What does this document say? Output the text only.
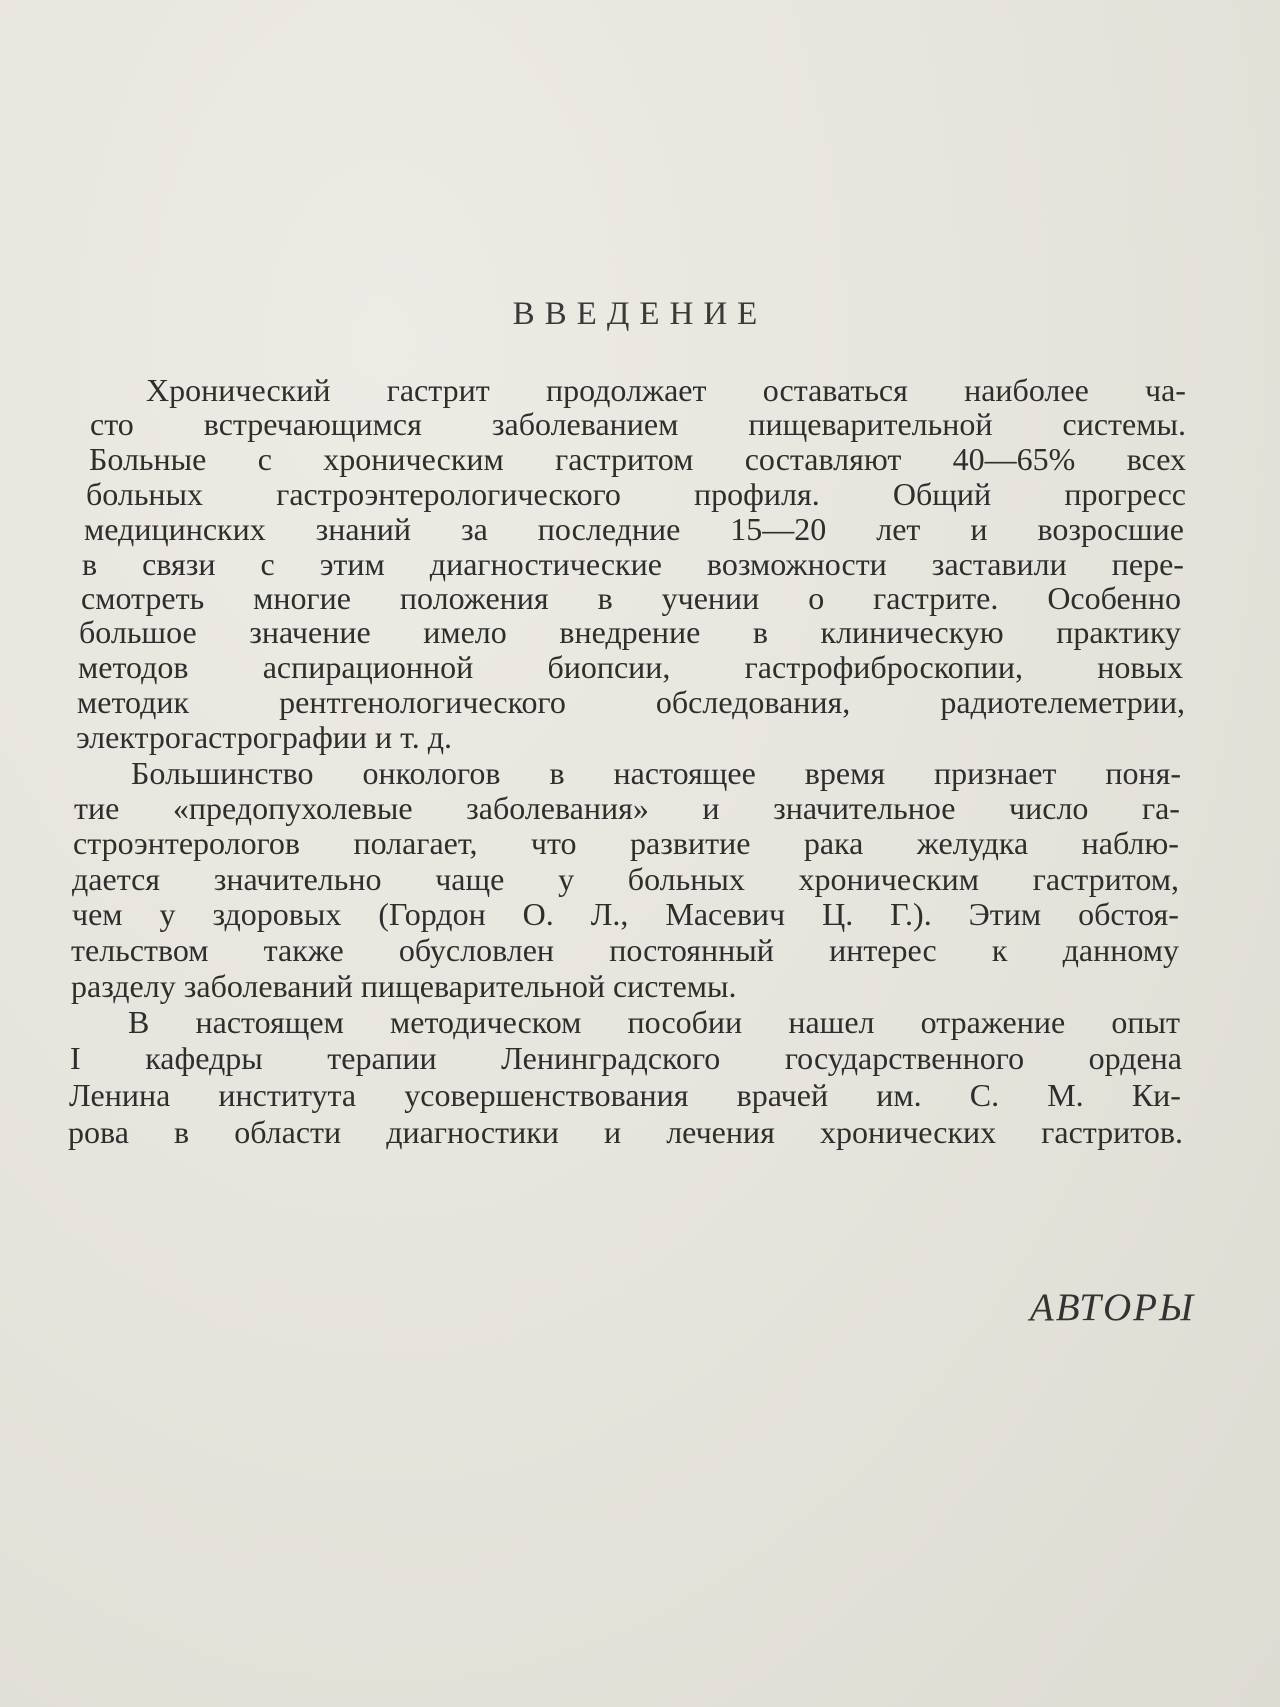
ВВЕДЕНИЕ
Хронический гастрит продолжает оставаться наиболее ча-
сто встречающимся заболеванием пищеварительной системы.
Больные с хроническим гастритом составляют 40—65% всех
больных гастроэнтерологического профиля. Общий прогресс
медицинских знаний за последние 15—20 лет и возросшие
в связи с этим диагностические возможности заставили пере-
смотреть многие положения в учении о гастрите. Особенно
большое значение имело внедрение в клиническую практику
методов аспирационной биопсии, гастрофиброскопии, новых
методик	рентгенологического	обследования,	радиотелеметрии,
электрогастрографии и т. д.
Большинство онкологов в настоящее время признает поня-
тие «предопухолевые заболевания» и значительное число га-
строэнтерологов полагает, что развитие рака желудка наблю-
дается значительно чаще у больных хроническим гастритом,
чем у здоровых (Гордон О. Л., Масевич Ц. Г.). Этим обстоя-
тельством также обусловлен постоянный интерес к данному
разделу заболеваний пищеварительной системы.
В настоящем методическом пособии нашел отражение опыт
I кафедры терапии Ленинградского государственного ордена
Ленина института усовершенствования врачей им. С. М. Ки-
рова в области диагностики и лечения хронических гастритов.
АВТОРЫ
